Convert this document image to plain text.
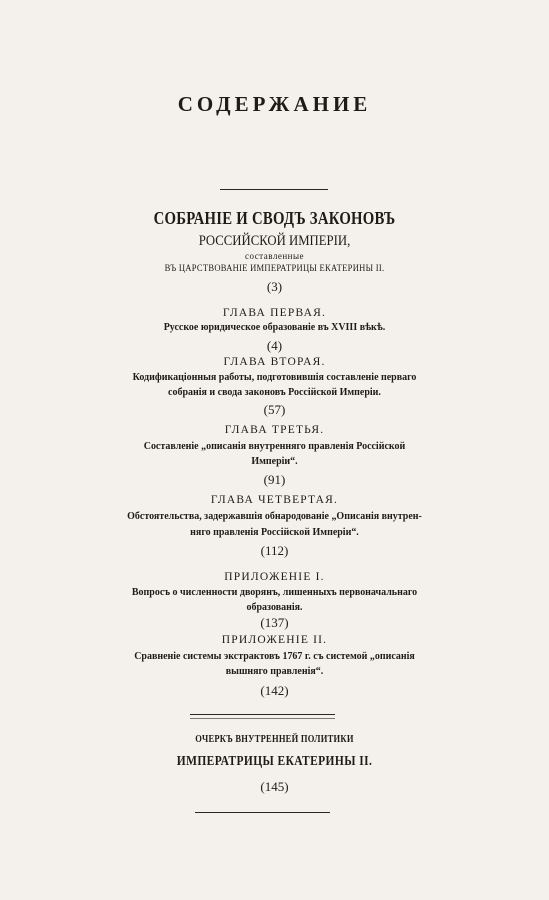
СОДЕРЖАНИЕ
СОБРАНІЕ И СВОДЪ ЗАКОНОВЪ
РОССИЙСКОЙ ИМПЕРІИ,
составленные
ВЪ ЦАРСТВОВАНІЕ ИМПЕРАТРИЦЫ ЕКАТЕРИНЫ II.
(3)
ГЛАВА ПЕРВАЯ.
Русское юридическое образованіе въ XVIII вѣкѣ.
(4)
ГЛАВА ВТОРАЯ.
Кодификаціонныя работы, подготовившія составленіе перваго
собранія и свода законовъ Россійской Имперіи.
(57)
ГЛАВА ТРЕТЬЯ.
Составленіе „описанія внутренняго правленія Россійской
Имперіи“.
(91)
ГЛАВА ЧЕТВЕРТАЯ.
Обстоятельства, задержавшія обнародованіе „Описанія внутрен-
няго правленія Россійской Имперіи“.
(112)
ПРИЛОЖЕНІЕ I.
Вопросъ о численности дворянъ, лишенныхъ первоначальнаго
образованія.
(137)
ПРИЛОЖЕНІЕ II.
Сравненіе системы экстрактовъ 1767 г. съ системой „описанія
вышняго правленія“.
(142)
ОЧЕРКЪ ВНУТРЕННЕЙ ПОЛИТИКИ
ИМПЕРАТРИЦЫ ЕКАТЕРИНЫ II.
(145)
